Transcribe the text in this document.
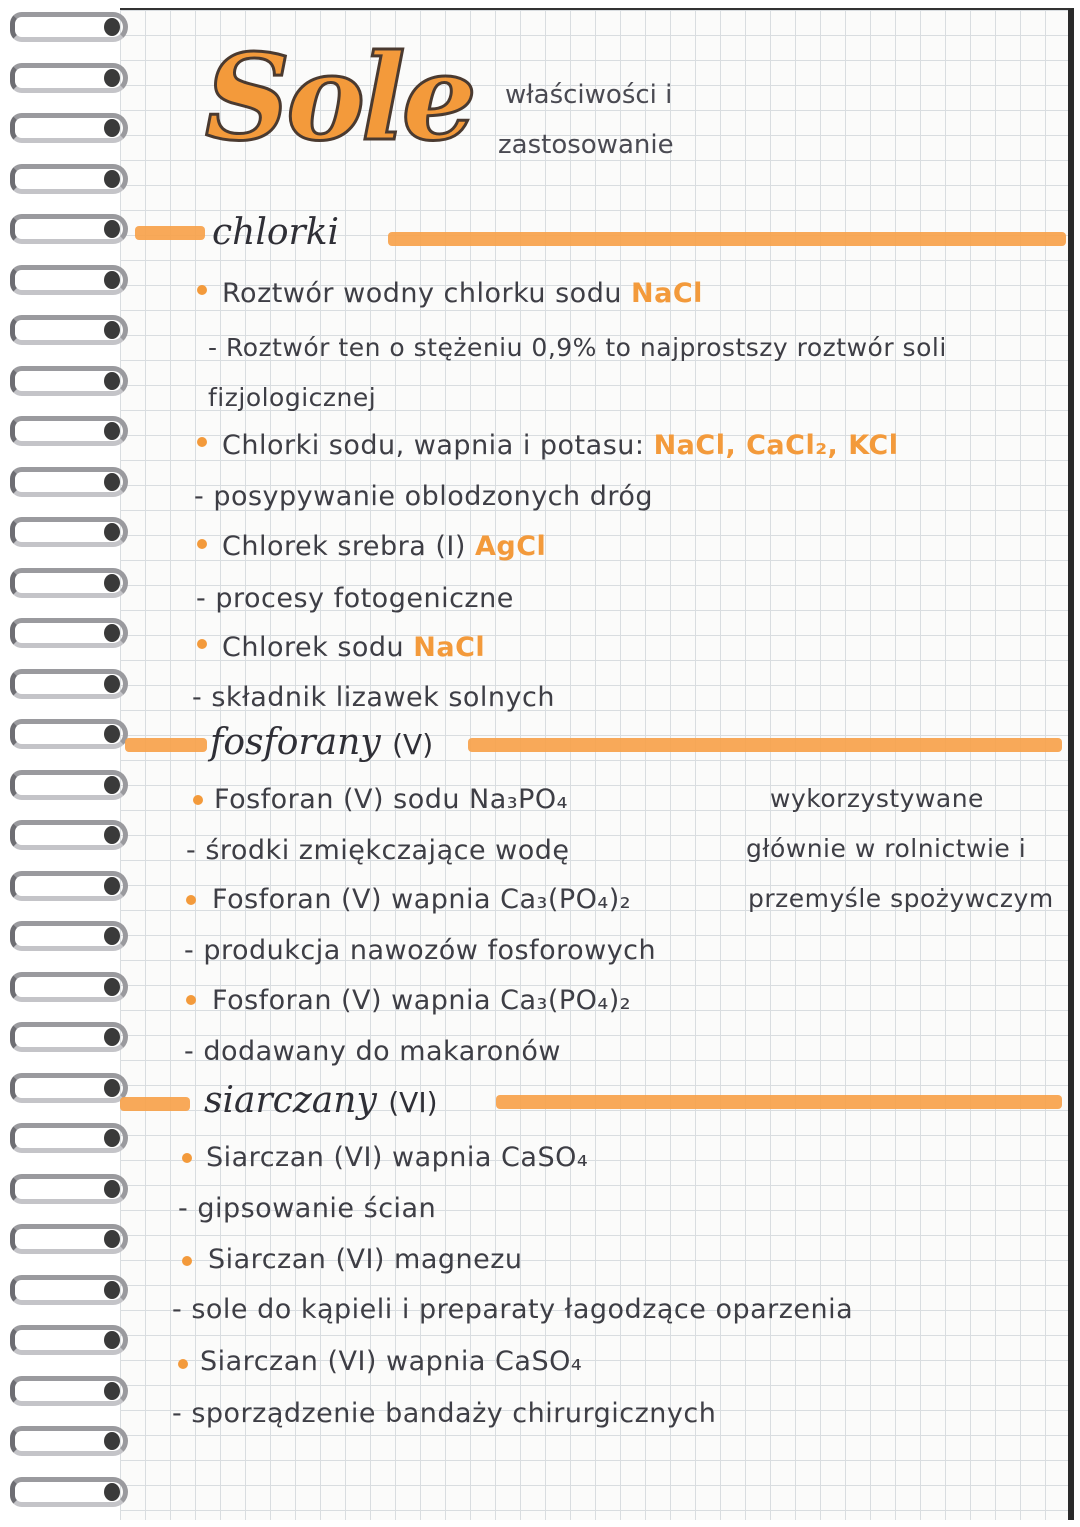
Sole właściwości i
zastosowanie
chlorki
Roztwór wodny chlorku sodu NaCl
- Roztwór ten o stężeniu 0,9% to najprostszy roztwór soli
fizjologicznej
Chlorki sodu, wapnia i potasu: NaCl, CaCl₂, KCl
- posypywanie oblodzonych dróg
Chlorek srebra (I) AgCl
- procesy fotogeniczne
Chlorek sodu NaCl
- składnik lizawek solnych
fosforany (V)
Fosforan (V) sodu Na₃PO₄
- środki zmiękczające wodę
Fosforan (V) wapnia Ca₃(PO₄)₂
- produkcja nawozów fosforowych
Fosforan (V) wapnia Ca₃(PO₄)₂
- dodawany do makaronów
wykorzystywane
głównie w rolnictwie i
przemyśle spożywczym
siarczany (VI)
Siarczan (VI) wapnia CaSO₄
- gipsowanie ścian
Siarczan (VI) magnezu
- sole do kąpieli i preparaty łagodzące oparzenia
Siarczan (VI) wapnia CaSO₄
- sporządzenie bandaży chirurgicznych
